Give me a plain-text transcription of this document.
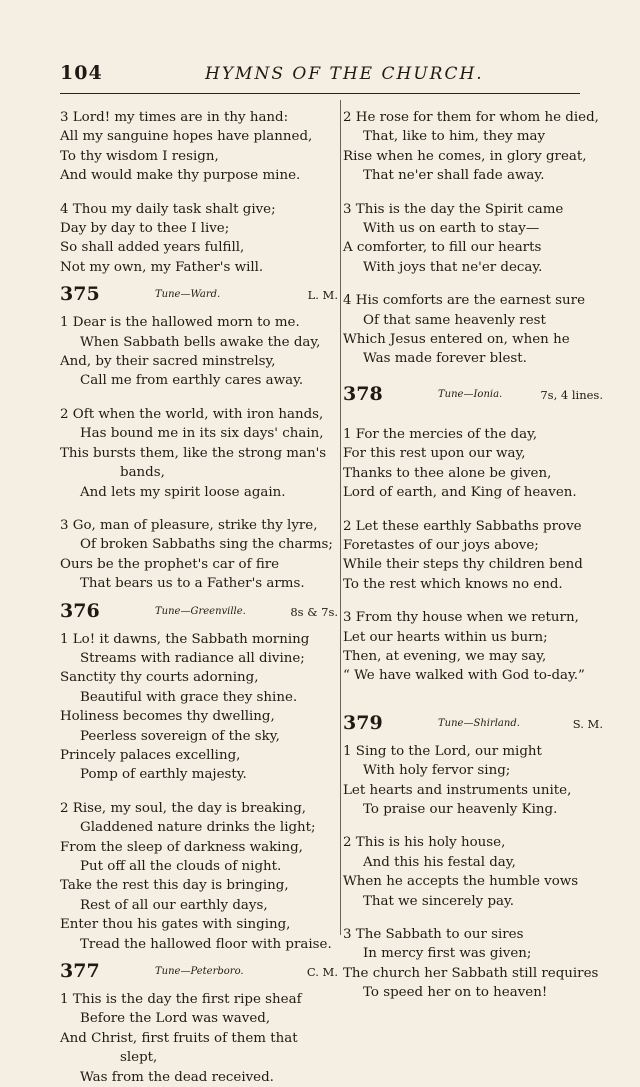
104	HYMNS OF THE CHURCH.
3 Lord! my times are in thy hand:
All my sanguine hopes have planned,
To thy wisdom I resign,
And would make thy purpose mine.
4 Thou my daily task shalt give;
Day by day to thee I live;
So shall added years fulfill,
Not my own, my Father's will.
375	Tune—Ward.	L. M.
1 Dear is the hallowed morn to me.
When Sabbath bells awake the day,
And, by their sacred minstrelsy,
Call me from earthly cares away.
2 Oft when the world, with iron hands,
Has bound me in its six days' chain,
This bursts them, like the strong man's
bands,
And lets my spirit loose again.
3 Go, man of pleasure, strike thy lyre,
Of broken Sabbaths sing the charms;
Ours be the prophet's car of fire
That bears us to a Father's arms.
376	Tune—Greenville.	8s & 7s.
1 Lo! it dawns, the Sabbath morning
Streams with radiance all divine;
Sanctity thy courts adorning,
Beautiful with grace they shine.
Holiness becomes thy dwelling,
Peerless sovereign of the sky,
Princely palaces excelling,
Pomp of earthly majesty.
2 Rise, my soul, the day is breaking,
Gladdened nature drinks the light;
From the sleep of darkness waking,
Put off all the clouds of night.
Take the rest this day is bringing,
Rest of all our earthly days,
Enter thou his gates with singing,
Tread the hallowed floor with praise.
377	Tune—Peterboro.	C. M.
1 This is the day the first ripe sheaf
Before the Lord was waved,
And Christ, first fruits of them that
slept,
Was from the dead received.
2 He rose for them for whom he died,
That, like to him, they may
Rise when he comes, in glory great,
That ne'er shall fade away.
3 This is the day the Spirit came
With us on earth to stay—
A comforter, to fill our hearts
With joys that ne'er decay.
4 His comforts are the earnest sure
Of that same heavenly rest
Which Jesus entered on, when he
Was made forever blest.
378	Tune—Ionia.	7s, 4 lines.
1 For the mercies of the day,
For this rest upon our way,
Thanks to thee alone be given,
Lord of earth, and King of heaven.
2 Let these earthly Sabbaths prove
Foretastes of our joys above;
While their steps thy children bend
To the rest which knows no end.
3 From thy house when we return,
Let our hearts within us burn;
Then, at evening, we may say,
“ We have walked with God to-day.”
379	Tune—Shirland.	S. M.
1 Sing to the Lord, our might
With holy fervor sing;
Let hearts and instruments unite,
To praise our heavenly King.
2 This is his holy house,
And this his festal day,
When he accepts the humble vows
That we sincerely pay.
3 The Sabbath to our sires
In mercy first was given;
The church her Sabbath still requires
To speed her on to heaven!
